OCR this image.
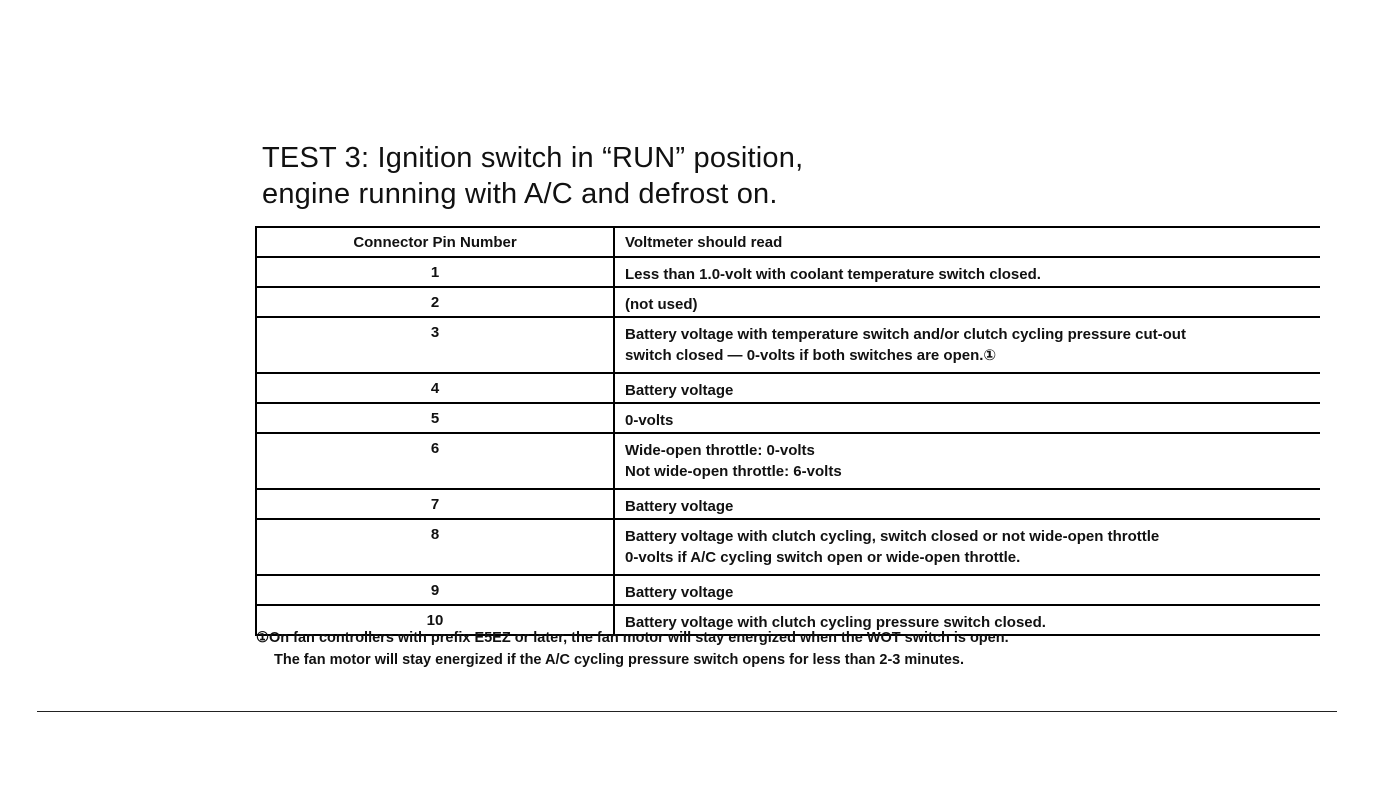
TEST 3: Ignition switch in “RUN” position,
engine running with A/C and defrost on.
Connector Pin Number	Voltmeter should read
1	Less than 1.0-volt with coolant temperature switch closed.

2	(not used)

3	Battery voltage with temperature switch and/or clutch cycling pressure cut-out
switch closed — 0-volts if both switches are open.①

4	Battery voltage

5	0-volts

6	Wide-open throttle: 0-volts
Not wide-open throttle: 6-volts

7	Battery voltage

8	Battery voltage with clutch cycling, switch closed or not wide-open throttle
0-volts if A/C cycling switch open or wide-open throttle.

9	Battery voltage

10	Battery voltage with clutch cycling pressure switch closed.
①On fan controllers with prefix E5EZ or later, the fan motor will stay energized when the WOT switch is open.
The fan motor will stay energized if the A/C cycling pressure switch opens for less than 2-3 minutes.
